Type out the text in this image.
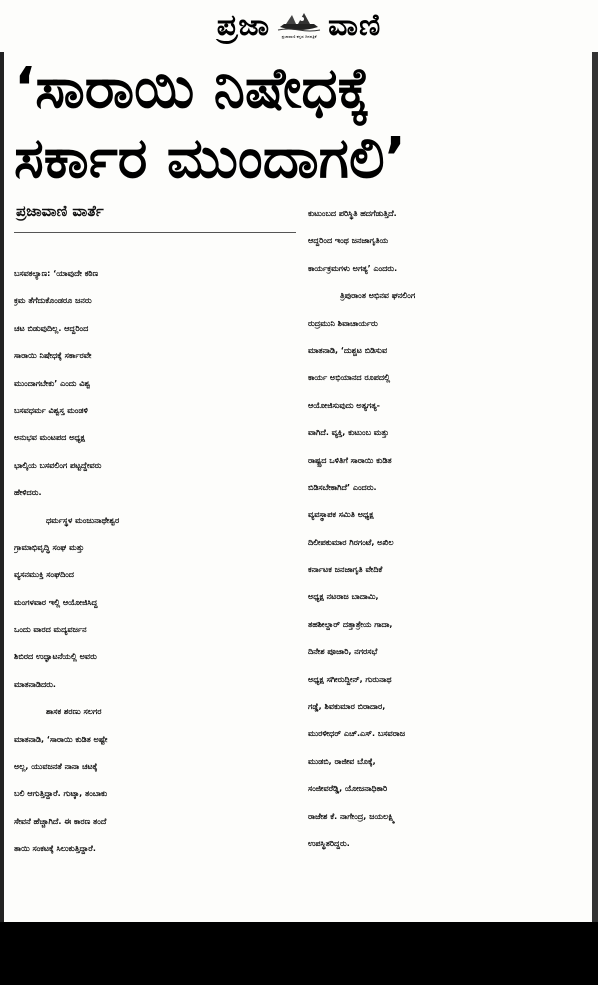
ಪ್ರಜಾ	ಪ್ರಜಾವಾಣಿ ಕನ್ನಡ ದಿನಪತ್ರಿಕೆ ವಾಣಿ
‘ಸಾರಾಯಿ ನಿಷೇಧಕ್ಕೆ
ಸರ್ಕಾರ ಮುಂದಾಗಲಿ’
ಪ್ರಜಾವಾಣಿ ವಾರ್ತೆ
ಬಸವಕಲ್ಯಾಣ: ‘ಯಾವುದೇ ಕಠಿಣ
ಕ್ರಮ ತೆಗೆದುಕೊಂಡರೂ ಜನರು
ಚಟ ಬಿಡುವುದಿಲ್ಲ. ಆದ್ದರಿಂದ
ಸಾರಾಯಿ ನಿಷೇಧಕ್ಕೆ ಸರ್ಕಾರವೇ
ಮುಂದಾಗಬೇಕು’ ಎಂದು ವಿಶ್ವ
ಬಸವಧರ್ಮ ವಿಶ್ವಸ್ತ ಮಂಡಳಿ
ಅನುಭವ ಮಂಟಪದ ಅಧ್ಯಕ್ಷ
ಭಾಲ್ಕಿಯ ಬಸವಲಿಂಗ ಪಟ್ಟದ್ದೇವರು
ಹೇಳಿದರು.
ಧರ್ಮಸ್ಥಳ ಮಂಜುನಾಥೇಶ್ವರ
ಗ್ರಾಮಾಭಿವೃದ್ಧಿ ಸಂಘ ಮತ್ತು
ವ್ಯಸನಮುಕ್ತಿ ಸಂಘದಿಂದ
ಮಂಗಳವಾರ ಇಲ್ಲಿ ಆಯೋಜಿಸಿದ್ದ
ಒಂದು ವಾರದ ಮದ್ಯವರ್ಜನ
ಶಿಬಿರದ ಉದ್ಘಾಟನೆಯಲ್ಲಿ ಅವರು
ಮಾತನಾಡಿದರು.
ಶಾಸಕ ಶರಣು ಸಲಗರ
ಮಾತನಾಡಿ, ‘ಸಾರಾಯಿ ಕುಡಿತ ಅಷ್ಟೇ
ಅಲ್ಲ, ಯುವಜನತೆ ನಾನಾ ಚಟಕ್ಕೆ
ಬಲಿ ಆಗುತ್ತಿದ್ದಾರೆ. ಗುಟ್ಕಾ, ತಂಬಾಕು
ಸೇವನೆ ಹೆಚ್ಚಾಗಿದೆ. ಈ ಕಾರಣ ತಂದೆ
ತಾಯಿ ಸಂಕಟಕ್ಕೆ ಸಿಲುಕುತ್ತಿದ್ದಾರೆ.
ಕುಟುಂಬದ ಪರಿಸ್ಥಿತಿ ಹದಗೆಡುತ್ತಿದೆ.
ಆದ್ದರಿಂದ ಇಂಥ ಜನಜಾಗೃತಿಯ
ಕಾರ್ಯಕ್ರಮಗಳು ಅಗತ್ಯ’ ಎಂದರು.
ತ್ರಿಪುರಾಂತ ಅಭಿನವ ಘನಲಿಂಗ
ರುದ್ರಮುನಿ ಶಿವಾಚಾರ್ಯರು
ಮಾತನಾಡಿ, ‘ದುಶ್ಚಟ ಬಿಡಿಸುವ
ಕಾರ್ಯ ಅಭಿಯಾನದ ರೂಪದಲ್ಲಿ
ಆಯೋಜಿಸುವುದು ಅತ್ಯಗತ್ಯ-
ವಾಗಿದೆ. ವ್ಯಕ್ತಿ, ಕುಟುಂಬ ಮತ್ತು
ರಾಷ್ಟ್ರದ ಒಳಿತಿಗೆ ಸಾರಾಯಿ ಕುಡಿತ
ಬಿಡಿಸಬೇಕಾಗಿದೆ’ ಎಂದರು.
ವ್ಯವಸ್ಥಾಪಕ ಸಮಿತಿ ಅಧ್ಯಕ್ಷ
ದಿಲೀಪಕುಮಾರ ಗಿರಗಂಟೆ, ಅಖಿಲ
ಕರ್ನಾಟಕ ಜನಜಾಗೃತಿ ವೇದಿಕೆ
ಅಧ್ಯಕ್ಷ ನಟರಾಜ ಬಾದಾಮಿ,
ತಹಶೀಲ್ದಾರ್ ದತ್ತಾತ್ರೇಯ ಗಾದಾ,
ದಿನೇಶ ಪೂಜಾರಿ, ನಗರಸಭೆ
ಅಧ್ಯಕ್ಷ ಸಗೀರುದ್ದೀನ್, ಗುರುನಾಥ
ಗಡ್ಡೆ, ಶಿವಕುಮಾರ ಬಿರಾದಾರ,
ಮುರಳೀಧರ್ ಎಚ್.ಎಸ್. ಬಸವರಾಜ
ಮುಡಬಿ, ರಾಜೀವ ಬೊಕ್ಕೆ,
ಸಂಜೀವರೆಡ್ಡಿ, ಯೋಜನಾಧಿಕಾರಿ
ರಾಜೇಶ ಕೆ. ನಾಗೇಂದ್ರ, ಜಯಲಕ್ಷ್ಮಿ
ಉಪಸ್ಥಿತರಿದ್ದರು.
